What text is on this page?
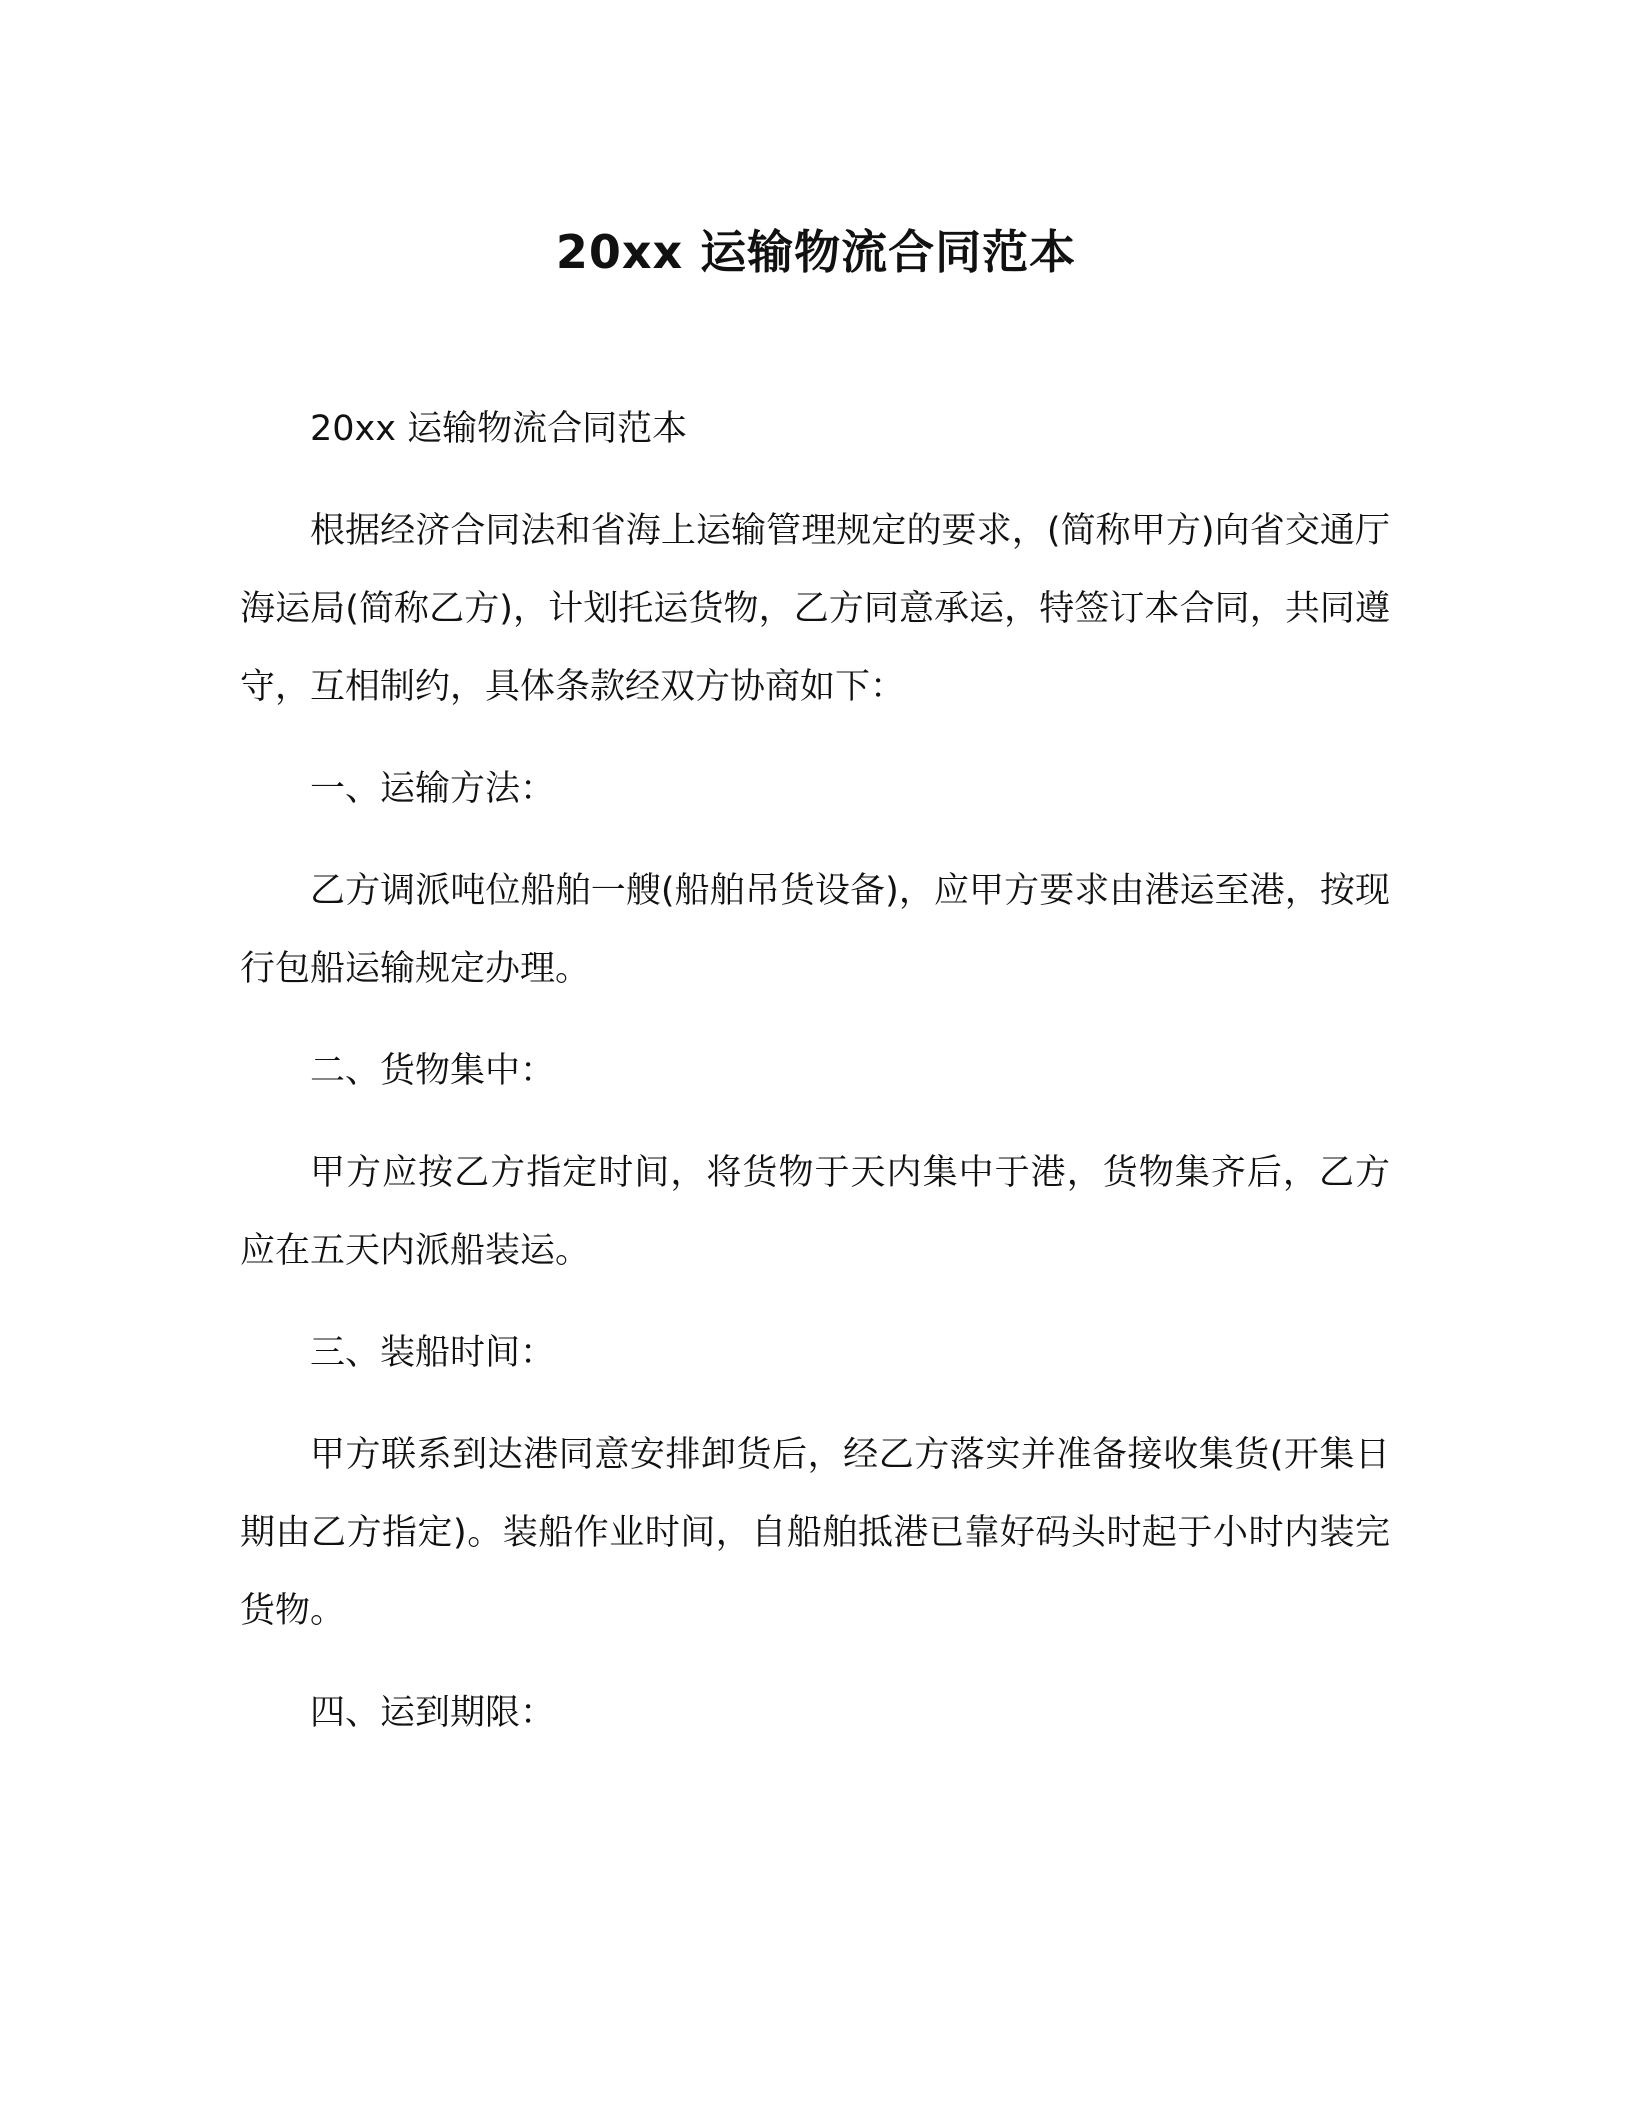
20xx 运输物流合同范本

20xx 运输物流合同范本

根据经济合同法和省海上运输管理规定的要求，(简称甲方)向省交通厅海运局(简称乙方)，计划托运货物，乙方同意承运，特签订本合同，共同遵守，互相制约，具体条款经双方协商如下：

一、运输方法：

乙方调派吨位船舶一艘(船舶吊货设备)，应甲方要求由港运至港，按现行包船运输规定办理。

二、货物集中：

甲方应按乙方指定时间，将货物于天内集中于港，货物集齐后，乙方应在五天内派船装运。

三、装船时间：

甲方联系到达港同意安排卸货后，经乙方落实并准备接收集货(开集日期由乙方指定)。装船作业时间，自船舶抵港已靠好码头时起于小时内装完货物。

四、运到期限：
